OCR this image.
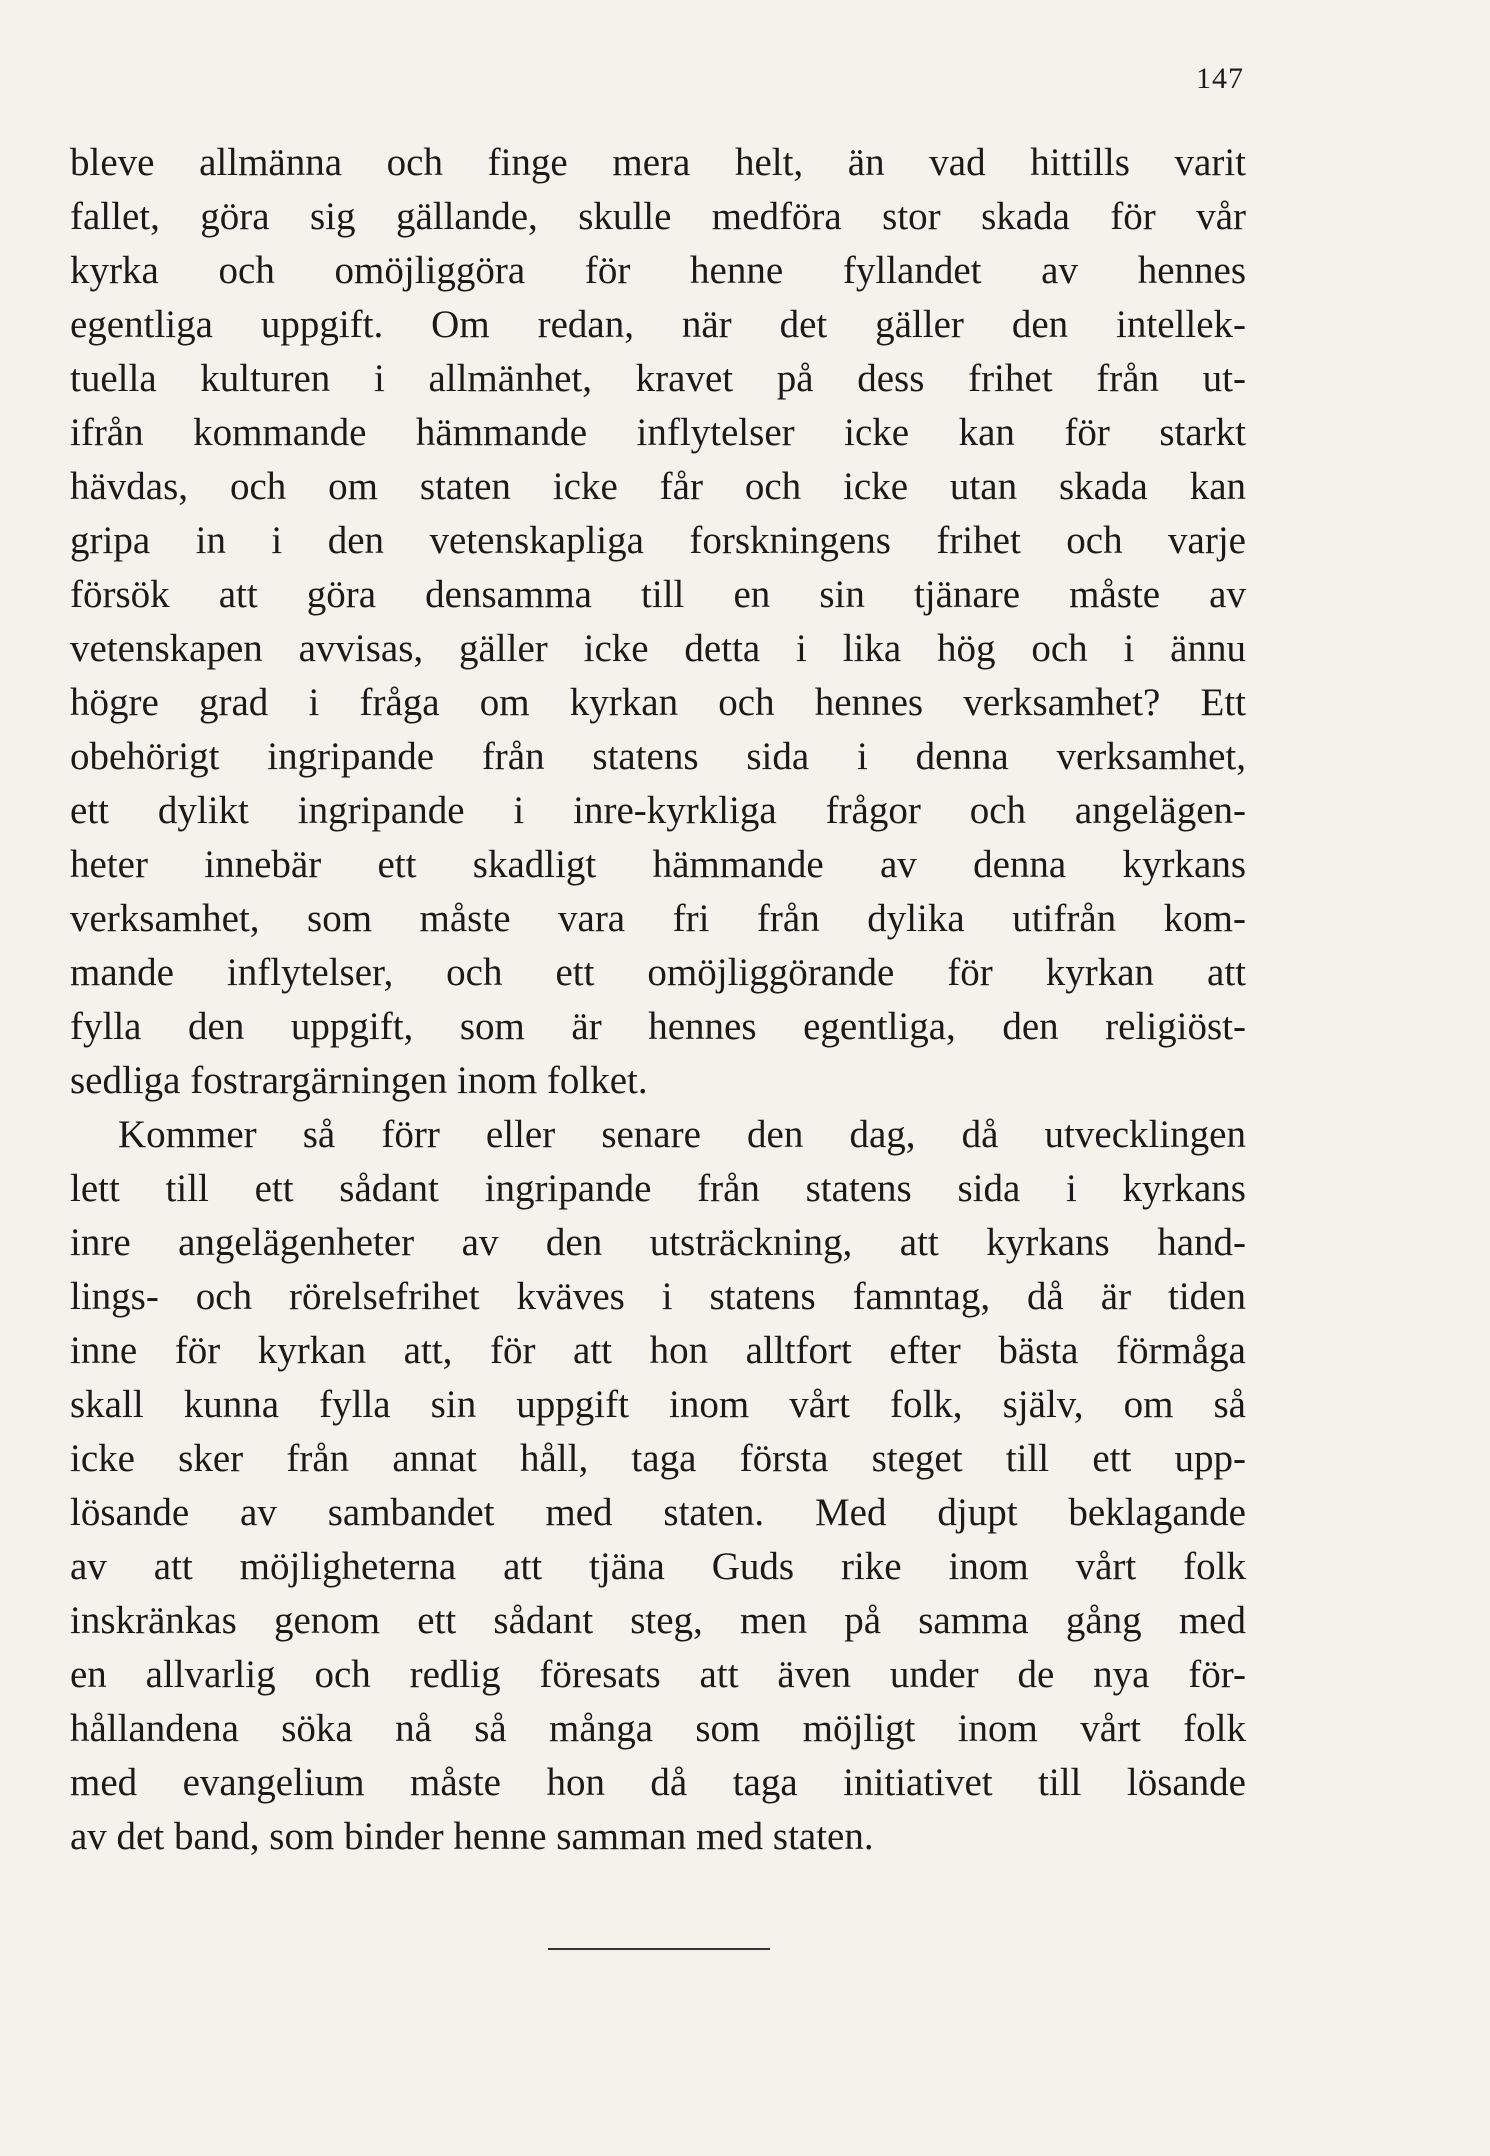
147
bleve allmänna och finge mera helt, än vad hittills varit
fallet, göra sig gällande, skulle medföra stor skada för vår
kyrka och omöjliggöra för henne fyllandet av hennes
egentliga uppgift. Om redan, när det gäller den intellek-
tuella kulturen i allmänhet, kravet på dess frihet från ut-
ifrån kommande hämmande inflytelser icke kan för starkt
hävdas, och om staten icke får och icke utan skada kan
gripa in i den vetenskapliga forskningens frihet och varje
försök att göra densamma till en sin tjänare måste av
vetenskapen avvisas, gäller icke detta i lika hög och i ännu
högre grad i fråga om kyrkan och hennes verksamhet? Ett
obehörigt ingripande från statens sida i denna verksamhet,
ett dylikt ingripande i inre-kyrkliga frågor och angelägen-
heter innebär ett skadligt hämmande av denna kyrkans
verksamhet, som måste vara fri från dylika utifrån kom-
mande inflytelser, och ett omöjliggörande för kyrkan att
fylla den uppgift, som är hennes egentliga, den religiöst-
sedliga fostrargärningen inom folket.
Kommer så förr eller senare den dag, då utvecklingen
lett till ett sådant ingripande från statens sida i kyrkans
inre angelägenheter av den utsträckning, att kyrkans hand-
lings- och rörelsefrihet kväves i statens famntag, då är tiden
inne för kyrkan att, för att hon alltfort efter bästa förmåga
skall kunna fylla sin uppgift inom vårt folk, själv, om så
icke sker från annat håll, taga första steget till ett upp-
lösande av sambandet med staten. Med djupt beklagande
av att möjligheterna att tjäna Guds rike inom vårt folk
inskränkas genom ett sådant steg, men på samma gång med
en allvarlig och redlig föresats att även under de nya för-
hållandena söka nå så många som möjligt inom vårt folk
med evangelium måste hon då taga initiativet till lösande
av det band, som binder henne samman med staten.
